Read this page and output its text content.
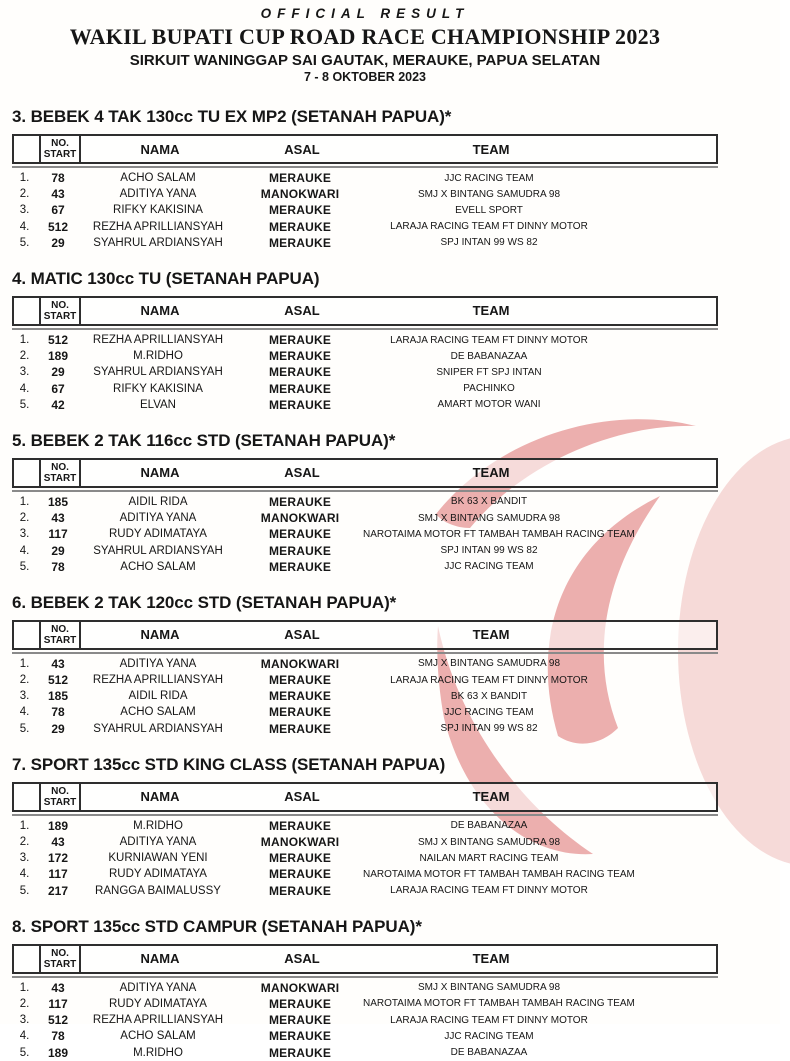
OFFICIAL RESULT
WAKIL BUPATI CUP ROAD RACE CHAMPIONSHIP 2023
SIRKUIT WANINGGAP SAI GAUTAK, MERAUKE, PAPUA SELATAN
7 - 8 OKTOBER 2023
3. BEBEK 4 TAK 130cc TU EX MP2 (SETANAH PAPUA)*
NO.
START	NAMA	ASAL	TEAM
1.	78	ACHO SALAM	MERAUKE	JJC RACING TEAM
2.	43	ADITIYA YANA	MANOKWARI	SMJ X BINTANG SAMUDRA 98
3.	67	RIFKY KAKISINA	MERAUKE	EVELL SPORT
4.	512	REZHA APRILLIANSYAH	MERAUKE	LARAJA RACING TEAM FT DINNY MOTOR
5.	29	SYAHRUL ARDIANSYAH	MERAUKE	SPJ INTAN 99 WS 82
4. MATIC 130cc TU (SETANAH PAPUA)
NO.
START	NAMA	ASAL	TEAM
1.	512	REZHA APRILLIANSYAH	MERAUKE	LARAJA RACING TEAM FT DINNY MOTOR
2.	189	M.RIDHO	MERAUKE	DE BABANAZAA
3.	29	SYAHRUL ARDIANSYAH	MERAUKE	SNIPER FT SPJ INTAN
4.	67	RIFKY KAKISINA	MERAUKE	PACHINKO
5.	42	ELVAN	MERAUKE	AMART MOTOR WANI
5. BEBEK 2 TAK 116cc STD (SETANAH PAPUA)*
NO.
START	NAMA	ASAL	TEAM
1.	185	AIDIL RIDA	MERAUKE	BK 63 X BANDIT
2.	43	ADITIYA YANA	MANOKWARI	SMJ X BINTANG SAMUDRA 98
3.	117	RUDY ADIMATAYA	MERAUKE	NAROTAIMA MOTOR FT TAMBAH TAMBAH RACING TEAM
4.	29	SYAHRUL ARDIANSYAH	MERAUKE	SPJ INTAN 99 WS 82
5.	78	ACHO SALAM	MERAUKE	JJC RACING TEAM
6. BEBEK 2 TAK 120cc STD (SETANAH PAPUA)*
NO.
START	NAMA	ASAL	TEAM
1.	43	ADITIYA YANA	MANOKWARI	SMJ X BINTANG SAMUDRA 98
2.	512	REZHA APRILLIANSYAH	MERAUKE	LARAJA RACING TEAM FT DINNY MOTOR
3.	185	AIDIL RIDA	MERAUKE	BK 63 X BANDIT
4.	78	ACHO SALAM	MERAUKE	JJC RACING TEAM
5.	29	SYAHRUL ARDIANSYAH	MERAUKE	SPJ INTAN 99 WS 82
7. SPORT 135cc STD KING CLASS (SETANAH PAPUA)
NO.
START	NAMA	ASAL	TEAM
1.	189	M.RIDHO	MERAUKE	DE BABANAZAA
2.	43	ADITIYA YANA	MANOKWARI	SMJ X BINTANG SAMUDRA 98
3.	172	KURNIAWAN YENI	MERAUKE	NAILAN MART RACING TEAM
4.	117	RUDY ADIMATAYA	MERAUKE	NAROTAIMA MOTOR FT TAMBAH TAMBAH RACING TEAM
5.	217	RANGGA BAIMALUSSY	MERAUKE	LARAJA RACING TEAM FT DINNY MOTOR
8. SPORT 135cc STD CAMPUR (SETANAH PAPUA)*
NO.
START	NAMA	ASAL	TEAM
1.	43	ADITIYA YANA	MANOKWARI	SMJ X BINTANG SAMUDRA 98
2.	117	RUDY ADIMATAYA	MERAUKE	NAROTAIMA MOTOR FT TAMBAH TAMBAH RACING TEAM
3.	512	REZHA APRILLIANSYAH	MERAUKE	LARAJA RACING TEAM FT DINNY MOTOR
4.	78	ACHO SALAM	MERAUKE	JJC RACING TEAM
5.	189	M.RIDHO	MERAUKE	DE BABANAZAA
